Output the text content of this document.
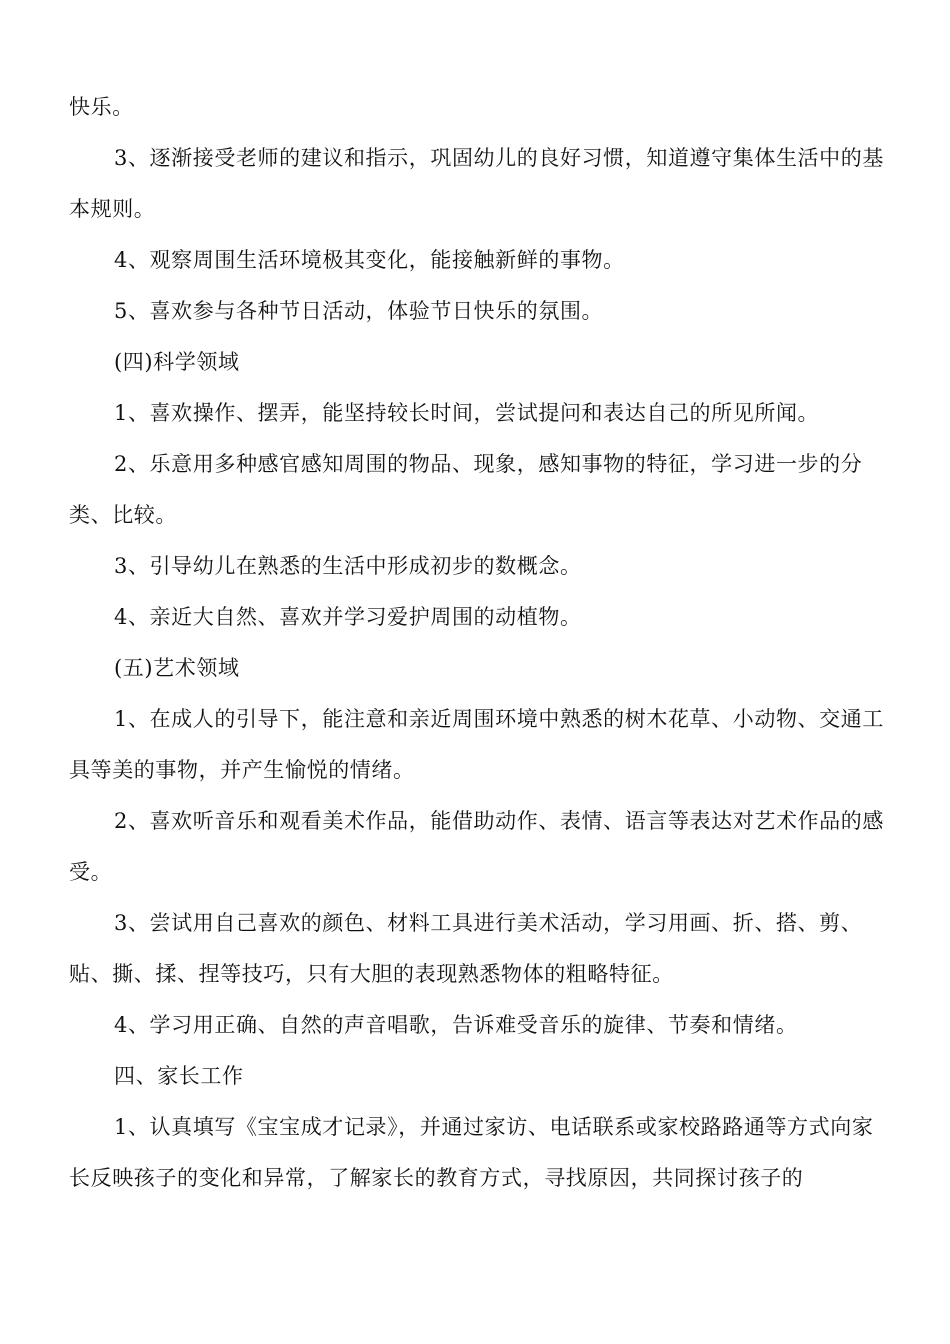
快乐。

3、逐渐接受老师的建议和指示，巩固幼儿的良好习惯，知道遵守集体生活中的基本规则。

4、观察周围生活环境极其变化，能接触新鲜的事物。

5、喜欢参与各种节日活动，体验节日快乐的氛围。

(四)科学领域

1、喜欢操作、摆弄，能坚持较长时间，尝试提问和表达自己的所见所闻。

2、乐意用多种感官感知周围的物品、现象，感知事物的特征，学习进一步的分类、比较。

3、引导幼儿在熟悉的生活中形成初步的数概念。

4、亲近大自然、喜欢并学习爱护周围的动植物。

(五)艺术领域

1、在成人的引导下，能注意和亲近周围环境中熟悉的树木花草、小动物、交通工具等美的事物，并产生愉悦的情绪。

2、喜欢听音乐和观看美术作品，能借助动作、表情、语言等表达对艺术作品的感受。

3、尝试用自己喜欢的颜色、材料工具进行美术活动，学习用画、折、搭、剪、贴、撕、揉、捏等技巧，只有大胆的表现熟悉物体的粗略特征。

4、学习用正确、自然的声音唱歌，告诉难受音乐的旋律、节奏和情绪。

四、家长工作

1、认真填写《宝宝成才记录》，并通过家访、电话联系或家校路路通等方式向家长反映孩子的变化和异常，了解家长的教育方式，寻找原因，共同探讨孩子的
